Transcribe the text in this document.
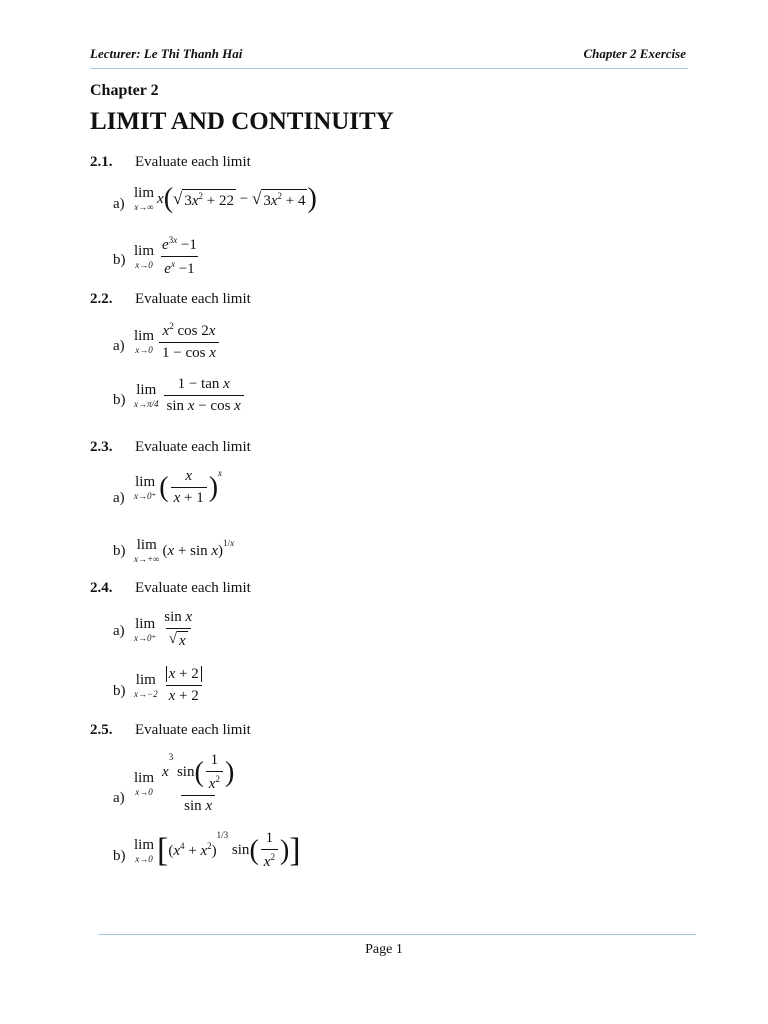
Lecturer: Le Thi Thanh Hai	Chapter 2 Exercise
Chapter 2
LIMIT AND CONTINUITY
2.1. Evaluate each limit
a)
lim
x→∞
x ( √ $3x^2 + 22$ − √ $3x^2 + 4$ )
b)
lim
$x\to 0 \frac{e^{3x} -1}{e^x -1}$
2.2. Evaluate each limit
a)
lim
$x\to 0 \frac{x^2 \cos 2x}{\text{1 − cos x}}$
b)
lim
$x\to\pi/4 \frac{\text{1 − tan x}}{\text{sin x − cos x}}$
2.3. Evaluate each limit
a)
lim
x→0⁺ ( $\frac{x}{x + 1} )^x$
b) lim
x→+∞
$(x + \sin x)^{1/x}$
2.4. Evaluate each limit
a) lim
$x\to 0^+ \frac{\text{sin x}}{√ x}$
b)
lim
$x\to-2 \frac{x + 2}{x + 2}$
2.5. Evaluate each limit
a)
lim
x→0 x
3
sin ( $\frac{1}{x^2}$ )
sin x
b)
lim
x→0 [ $(x^4 + x^2)$
1/3
sin ( $\frac{1}{x^2}$ ) ]
Page 1
